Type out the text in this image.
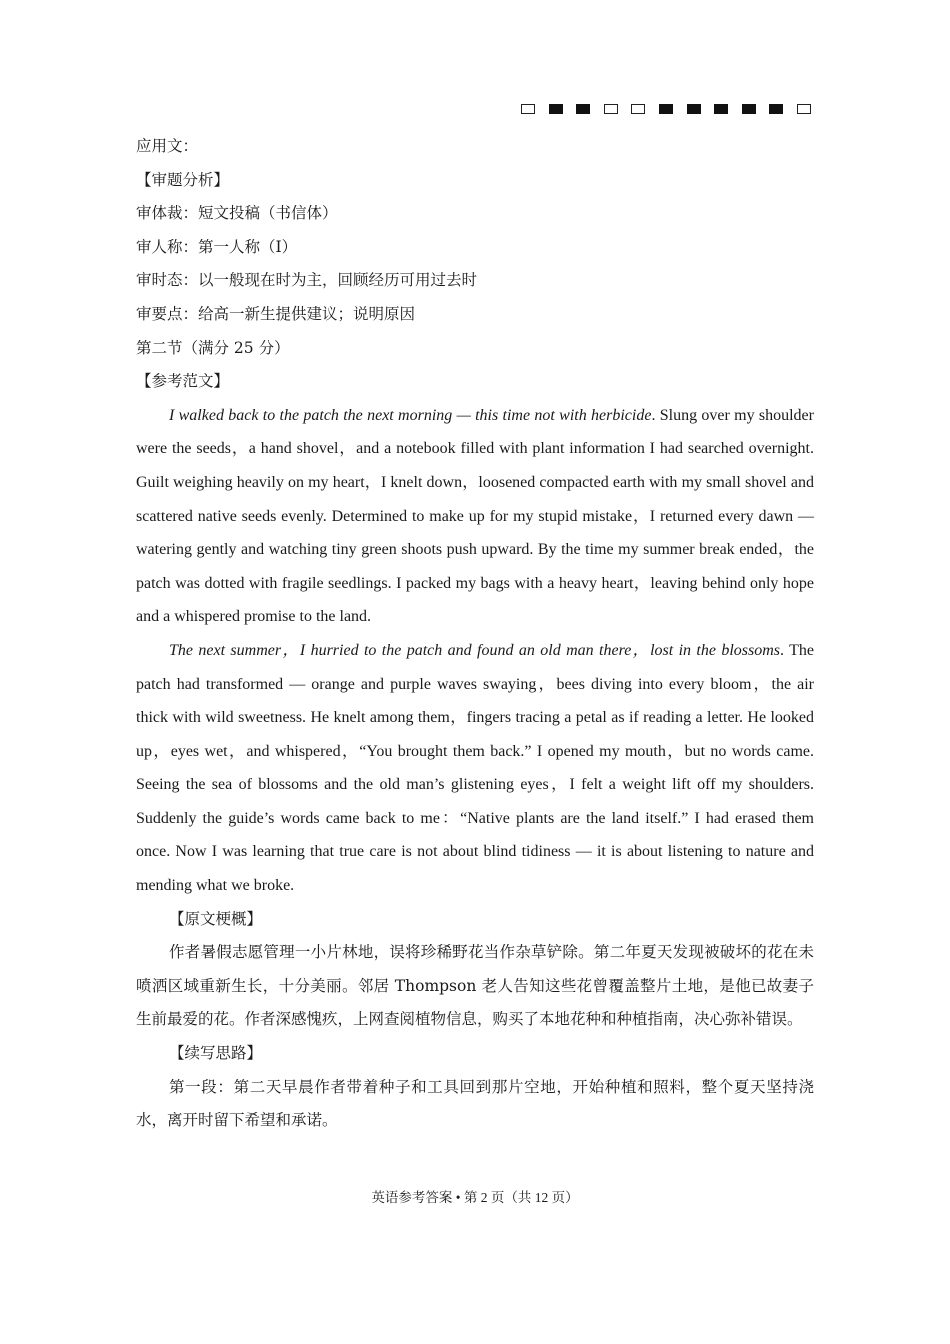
应用文：

【审题分析】

审体裁：短文投稿（书信体）

审人称：第一人称（Ⅰ）

审时态：以一般现在时为主，回顾经历可用过去时

审要点：给高一新生提供建议；说明原因

第二节（满分 25 分）

【参考范文】

I walked back to the patch the next morning — this time not with herbicide. Slung over my shoulder were the seeds，a hand shovel，and a notebook filled with plant information I had searched overnight. Guilt weighing heavily on my heart，I knelt down，loosened compacted earth with my small shovel and scattered native seeds evenly. Determined to make up for my stupid mistake，I returned every dawn — watering gently and watching tiny green shoots push upward. By the time my summer break ended，the patch was dotted with fragile seedlings. I packed my bags with a heavy heart，leaving behind only hope and a whispered promise to the land.

The next summer，I hurried to the patch and found an old man there，lost in the blossoms. The patch had transformed — orange and purple waves swaying，bees diving into every bloom，the air thick with wild sweetness. He knelt among them，fingers tracing a petal as if reading a letter. He looked up，eyes wet，and whispered，“You brought them back.” I opened my mouth，but no words came. Seeing the sea of blossoms and the old man’s glistening eyes，I felt a weight lift off my shoulders. Suddenly the guide’s words came back to me：“Native plants are the land itself.” I had erased them once. Now I was learning that true care is not about blind tidiness — it is about listening to nature and mending what we broke.

【原文梗概】

作者暑假志愿管理一小片林地，误将珍稀野花当作杂草铲除。第二年夏天发现被破坏的花在未喷洒区域重新生长，十分美丽。邻居 Thompson 老人告知这些花曾覆盖整片土地，是他已故妻子生前最爱的花。作者深感愧疚，上网查阅植物信息，购买了本地花种和种植指南，决心弥补错误。

【续写思路】

第一段：第二天早晨作者带着种子和工具回到那片空地，开始种植和照料，整个夏天坚持浇水，离开时留下希望和承诺。

英语参考答案 • 第 2 页（共 12 页）
